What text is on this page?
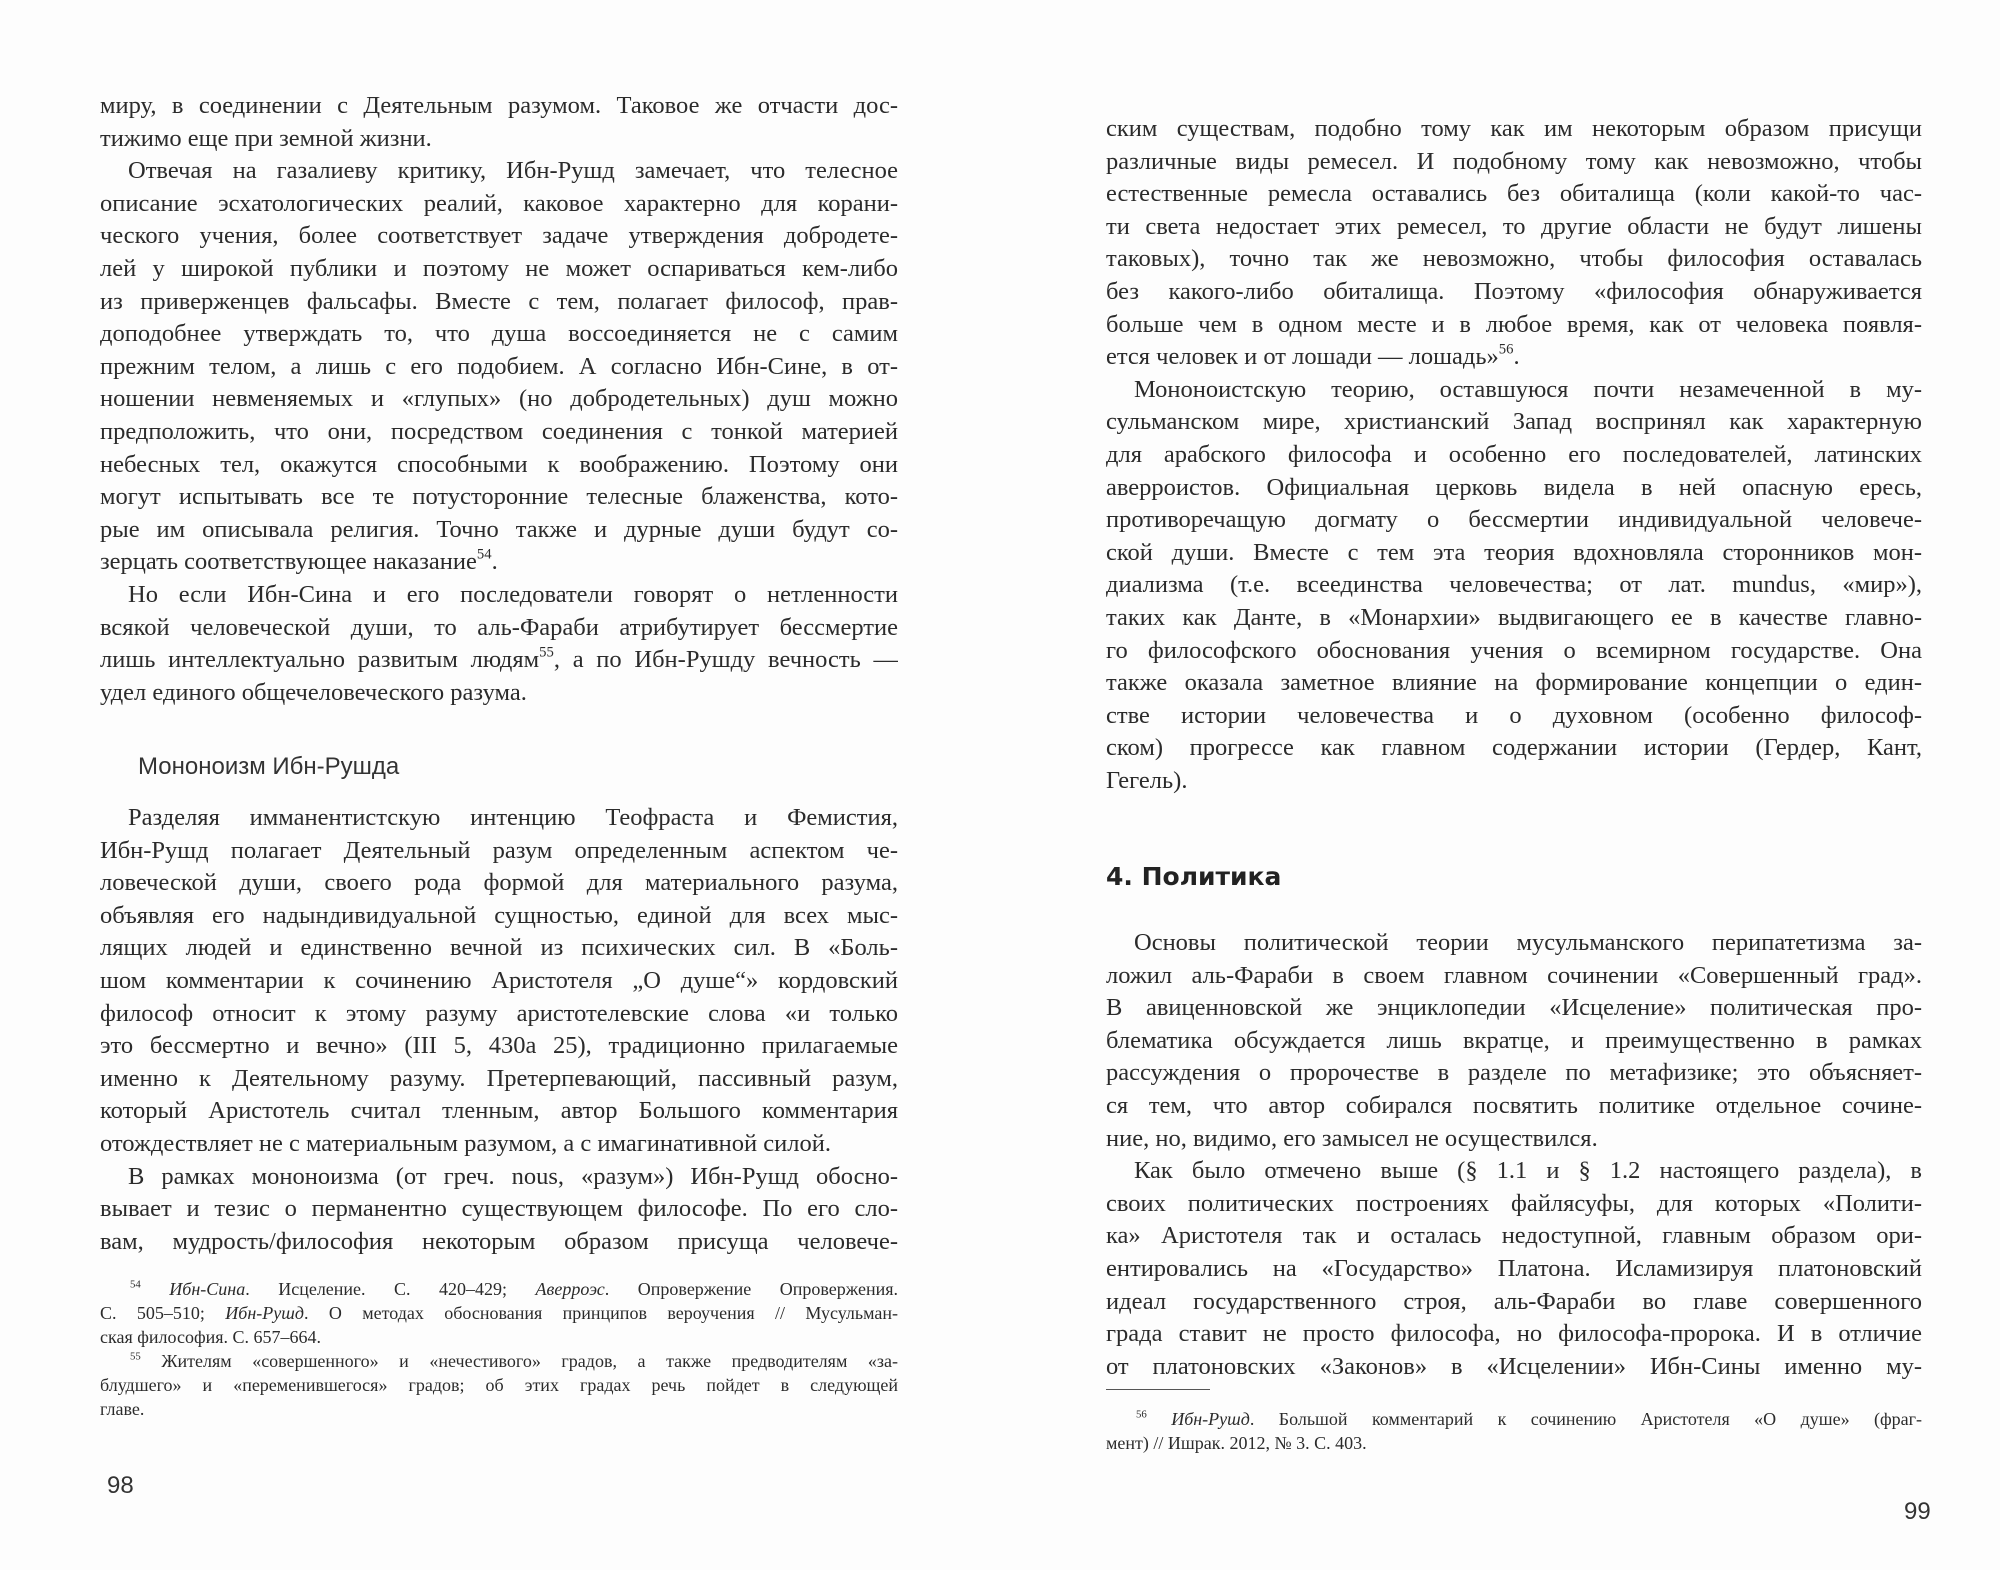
миру, в соединении с Деятельным разумом. Таковое же отчасти дос-
тижимо еще при земной жизни.
Отвечая на газалиеву критику, Ибн-Рушд замечает, что телесное
описание эсхатологических реалий, каковое характерно для корани-
ческого учения, более соответствует задаче утверждения добродете-
лей у широкой публики и поэтому не может оспариваться кем-либо
из приверженцев фальсафы. Вместе с тем, полагает философ, прав-
доподобнее утверждать то, что душа воссоединяется не с самим
прежним телом, а лишь с его подобием. А согласно Ибн-Сине, в от-
ношении невменяемых и «глупых» (но добродетельных) душ можно
предположить, что они, посредством соединения с тонкой материей
небесных тел, окажутся способными к воображению. Поэтому они
могут испытывать все те потусторонние телесные блаженства, кото-
рые им описывала религия. Точно также и дурные души будут со-
зерцать соответствующее наказание$^{54}$.
Но если Ибн-Сина и его последователи говорят о нетленности
всякой человеческой души, то аль-Фараби атрибутирует бессмертие
лишь интеллектуально развитым людям$^{55}$, а по Ибн-Рушду вечность —
удел единого общечеловеческого разума.
Мононоизм Ибн-Рушда
Разделяя имманентистскую интенцию Теофраста и Фемистия,
Ибн-Рушд полагает Деятельный разум определенным аспектом че-
ловеческой души, своего рода формой для материального разума,
объявляя его надындивидуальной сущностью, единой для всех мыс-
лящих людей и единственно вечной из психических сил. В «Боль-
шом комментарии к сочинению Аристотеля „О душе“» кордовский
философ относит к этому разуму аристотелевские слова «и только
это бессмертно и вечно» (III 5, 430a 25), традиционно прилагаемые
именно к Деятельному разуму. Претерпевающий, пассивный разум,
который Аристотель считал тленным, автор Большого комментария
отождествляет не с материальным разумом, а с имагинативной силой.
В рамках мононоизма (от греч. nous, «разум») Ибн-Рушд обосно-
вывает и тезис о перманентно существующем философе. По его сло-
вам, мудрость/философия некоторым образом присуща человече-
$^{54}$ Ибн-Сина. Исцеление. С. 420–429; Аверроэс. Опровержение Опровержения.
С. 505–510; Ибн-Рушд. О методах обоснования принципов вероучения // Мусульман-
ская философия. С. 657–664.
$^{55}$ Жителям «совершенного» и «нечестивого» градов, а также предводителям «за-
блудшего» и «переменившегося» градов; об этих градах речь пойдет в следующей
главе.
98
ским существам, подобно тому как им некоторым образом присущи
различные виды ремесел. И подобному тому как невозможно, чтобы
естественные ремесла оставались без обиталища (коли какой-то час-
ти света недостает этих ремесел, то другие области не будут лишены
таковых), точно так же невозможно, чтобы философия оставалась
без какого-либо обиталища. Поэтому «философия обнаруживается
больше чем в одном месте и в любое время, как от человека появля-
ется человек и от лошади — лошадь»$^{56}$.
Мононоистскую теорию, оставшуюся почти незамеченной в му-
сульманском мире, христианский Запад воспринял как характерную
для арабского философа и особенно его последователей, латинских
аверроистов. Официальная церковь видела в ней опасную ересь,
противоречащую догмату о бессмертии индивидуальной человече-
ской души. Вместе с тем эта теория вдохновляла сторонников мон-
диализма (т.е. всеединства человечества; от лат. mundus, «мир»),
таких как Данте, в «Монархии» выдвигающего ее в качестве главно-
го философского обоснования учения о всемирном государстве. Она
также оказала заметное влияние на формирование концепции о един-
стве истории человечества и о духовном (особенно философ-
ском) прогрессе как главном содержании истории (Гердер, Кант,
Гегель).
4. Политика
Основы политической теории мусульманского перипатетизма за-
ложил аль-Фараби в своем главном сочинении «Совершенный град».
В авиценновской же энциклопедии «Исцеление» политическая про-
блематика обсуждается лишь вкратце, и преимущественно в рамках
рассуждения о пророчестве в разделе по метафизике; это объясняет-
ся тем, что автор собирался посвятить политике отдельное сочине-
ние, но, видимо, его замысел не осуществился.
Как было отмечено выше (§ 1.1 и § 1.2 настоящего раздела), в
своих политических построениях файлясуфы, для которых «Полити-
ка» Аристотеля так и осталась недоступной, главным образом ори-
ентировались на «Государство» Платона. Исламизируя платоновский
идеал государственного строя, аль-Фараби во главе совершенного
града ставит не просто философа, но философа-пророка. И в отличие
от платоновских «Законов» в «Исцелении» Ибн-Сины именно му-
$^{56}$ Ибн-Рушд. Большой комментарий к сочинению Аристотеля «О душе» (фраг-
мент) // Ишрак. 2012, № 3. С. 403.
99
